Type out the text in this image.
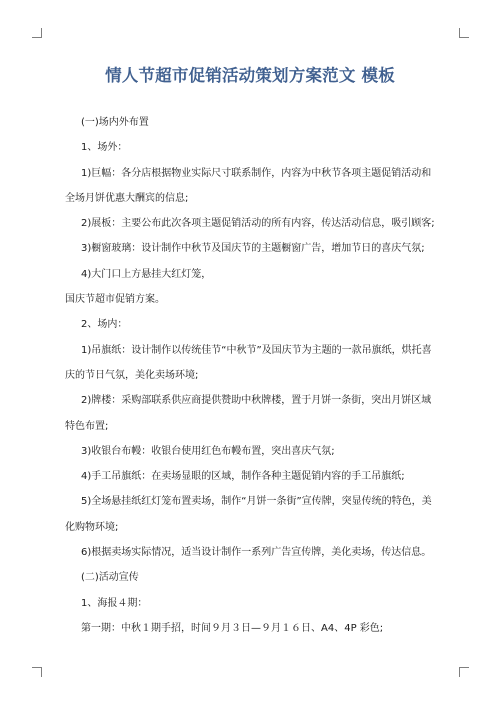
情人节超市促销活动策划方案范文 模板

(一)场内外布置

1、场外：

1)巨幅：各分店根据物业实际尺寸联系制作，内容为中秋节各项主题促销活动和

全场月饼优惠大酬宾的信息;

2)展板：主要公布此次各项主题促销活动的所有内容，传达活动信息，吸引顾客;

3)橱窗玻璃：设计制作中秋节及国庆节的主题橱窗广告，增加节日的喜庆气氛;

4)大门口上方悬挂大红灯笼，

国庆节超市促销方案。

2、场内：

1)吊旗纸：设计制作以传统佳节“中秋节”及国庆节为主题的一款吊旗纸，烘托喜

庆的节日气氛，美化卖场环境;

2)牌楼：采购部联系供应商提供赞助中秋牌楼，置于月饼一条街，突出月饼区域

特色布置;

3)收银台布幔：收银台使用红色布幔布置，突出喜庆气氛;

4)手工吊旗纸：在卖场显眼的区域，制作各种主题促销内容的手工吊旗纸;

5)全场悬挂纸红灯笼布置卖场，制作“月饼一条街”宣传牌，突显传统的特色，美

化购物环境;

6)根据卖场实际情况，适当设计制作一系列广告宣传牌，美化卖场，传达信息。

(二)活动宣传

1、海报４期：

第一期：中秋１期手招，时间９月３日—９月１６日、A4、4P 彩色;
